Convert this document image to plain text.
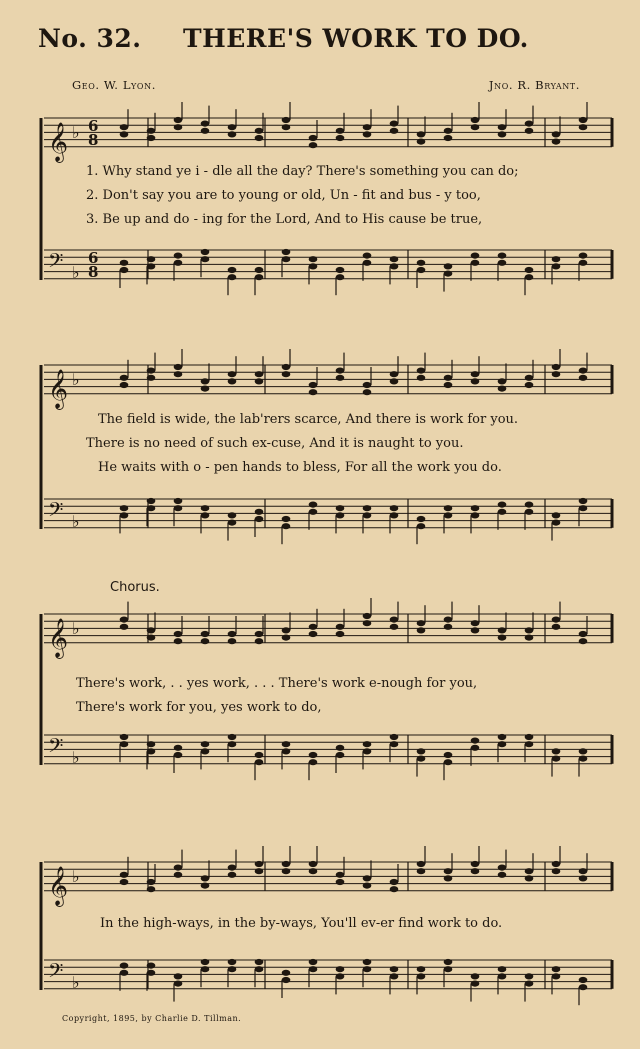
No. 32. THERE'S WORK TO DO.
Geo. W. Lyon.	Jno. R. Bryant.
𝄞 ♭ 6
8
𝄢 ♭
6
8
𝄞 ♭
𝄢 ♭
𝄞 ♭
𝄢 ♭
𝄞 ♭
𝄢 ♭
1. Why stand ye i - dle all the day? There's something you can do;
2. Don't say you are to young or old, Un - fit and bus - y too,
3. Be up and do - ing for the Lord, And to His cause be true,
The field is wide, the lab'rers scarce, And there is work for you.
There is no need of such ex-cuse, And it is naught to you.
He waits with o - pen hands to bless, For all the work you do.
Chorus.
There's work, . . yes work, . . . There's work e-nough for you,
There's work for you, yes work to do,
In the high-ways, in the by-ways, You'll ev-er find work to do.
Copyright, 1895, by Charlie D. Tillman.
